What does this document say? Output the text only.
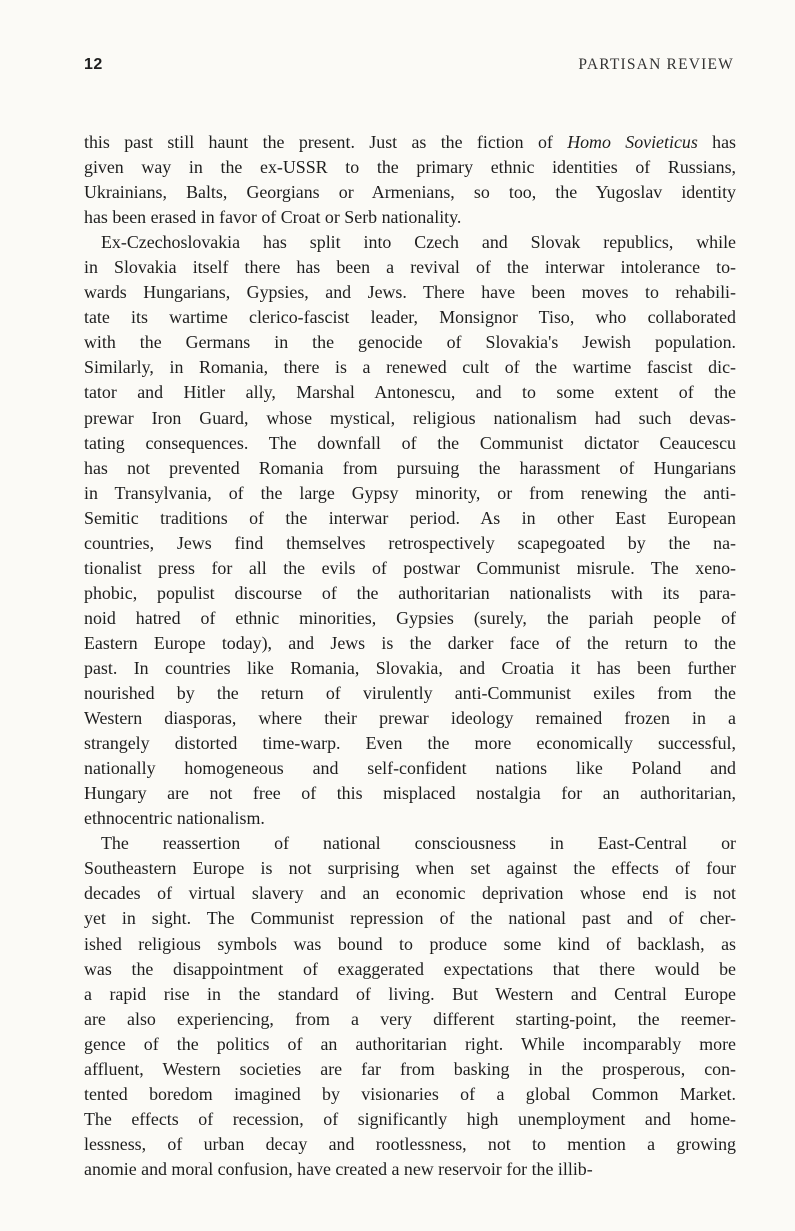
12	PARTISAN REVIEW
this past still haunt the present. Just as the fiction of Homo Sovieticus has
given way in the ex-USSR to the primary ethnic identities of Russians,
Ukrainians, Balts, Georgians or Armenians, so too, the Yugoslav identity
has been erased in favor of Croat or Serb nationality.
Ex-Czechoslovakia has split into Czech and Slovak republics, while
in Slovakia itself there has been a revival of the interwar intolerance to-
wards Hungarians, Gypsies, and Jews. There have been moves to rehabili-
tate its wartime clerico-fascist leader, Monsignor Tiso, who collaborated
with the Germans in the genocide of Slovakia's Jewish population.
Similarly, in Romania, there is a renewed cult of the wartime fascist dic-
tator and Hitler ally, Marshal Antonescu, and to some extent of the
prewar Iron Guard, whose mystical, religious nationalism had such devas-
tating consequences. The downfall of the Communist dictator Ceaucescu
has not prevented Romania from pursuing the harassment of Hungarians
in Transylvania, of the large Gypsy minority, or from renewing the anti-
Semitic traditions of the interwar period. As in other East European
countries, Jews find themselves retrospectively scapegoated by the na-
tionalist press for all the evils of postwar Communist misrule. The xeno-
phobic, populist discourse of the authoritarian nationalists with its para-
noid hatred of ethnic minorities, Gypsies (surely, the pariah people of
Eastern Europe today), and Jews is the darker face of the return to the
past. In countries like Romania, Slovakia, and Croatia it has been further
nourished by the return of virulently anti-Communist exiles from the
Western diasporas, where their prewar ideology remained frozen in a
strangely distorted time-warp. Even the more economically successful,
nationally homogeneous and self-confident nations like Poland and
Hungary are not free of this misplaced nostalgia for an authoritarian,
ethnocentric nationalism.
The reassertion of national consciousness in East-Central or
Southeastern Europe is not surprising when set against the effects of four
decades of virtual slavery and an economic deprivation whose end is not
yet in sight. The Communist repression of the national past and of cher-
ished religious symbols was bound to produce some kind of backlash, as
was the disappointment of exaggerated expectations that there would be
a rapid rise in the standard of living. But Western and Central Europe
are also experiencing, from a very different starting-point, the reemer-
gence of the politics of an authoritarian right. While incomparably more
affluent, Western societies are far from basking in the prosperous, con-
tented boredom imagined by visionaries of a global Common Market.
The effects of recession, of significantly high unemployment and home-
lessness, of urban decay and rootlessness, not to mention a growing
anomie and moral confusion, have created a new reservoir for the illib-
